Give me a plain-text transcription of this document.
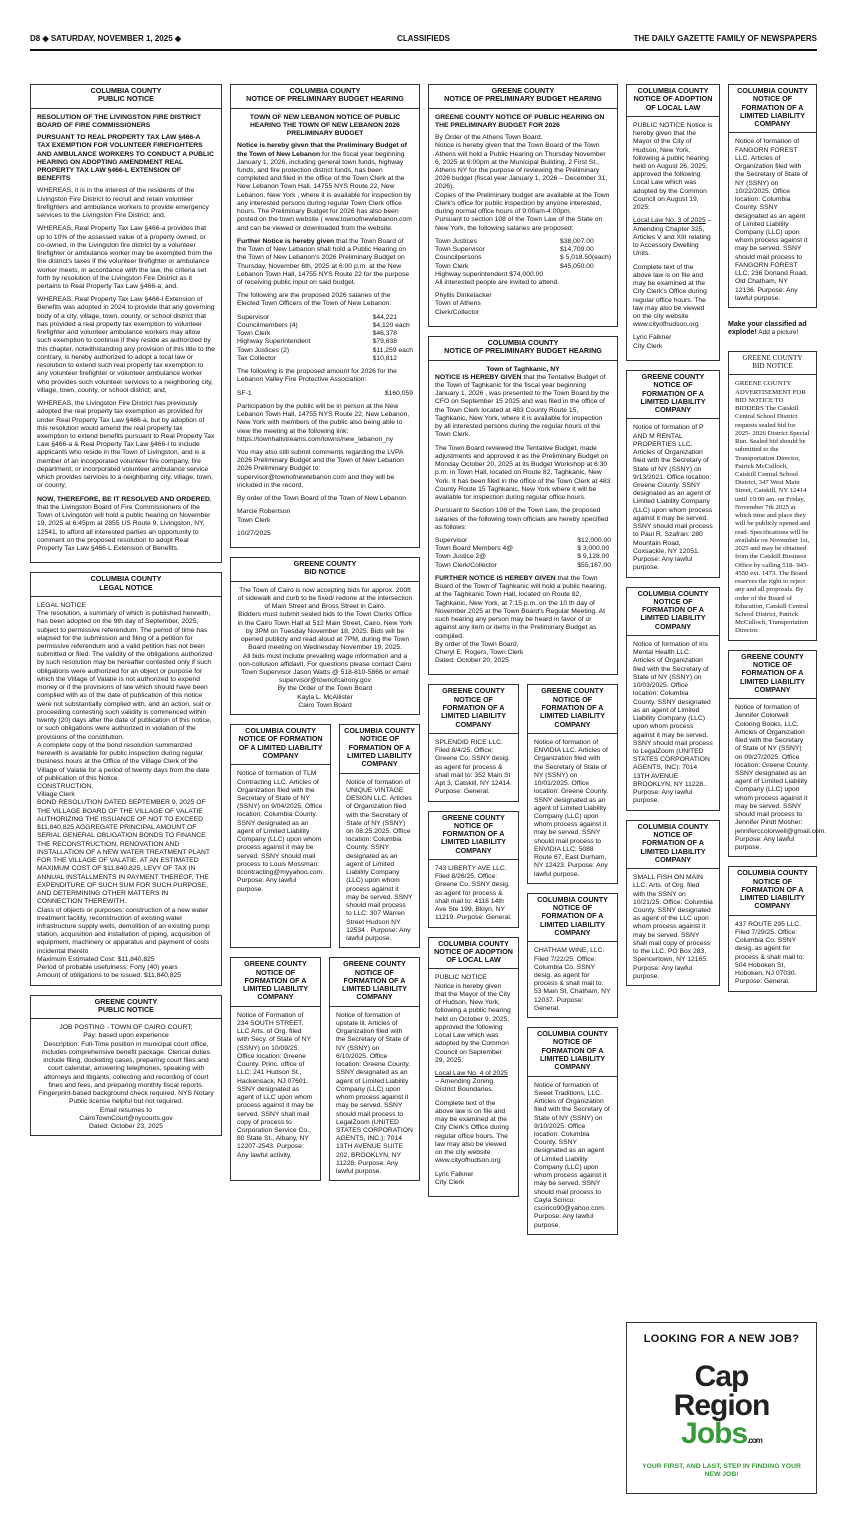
D8 ◆ SATURDAY, NOVEMBER 1, 2025 ◆	CLASSIFIEDS	THE DAILY GAZETTE FAMILY OF NEWSPAPERS
COLUMBIA COUNTY
PUBLIC NOTICE
RESOLUTION OF THE LIVINGSTON FIRE DISTRICT BOARD OF FIRE COMMISSIONERS
PURSUANT TO REAL PROPERTY TAX LAW §466-A TAX EXEMPTION FOR VOLUNTEER FIREFIGHTERS AND AMBULANCE WORKERS TO CONDUCT A PUBLIC HEARING ON ADOPTING AMENDMENT REAL PROPERTY TAX LAW §466-L EXTENSION OF BENEFITS

WHEREAS, it is in the interest of the residents of the Livingston Fire District to recruit and retain volunteer firefighters and ambulance workers to provide emergency services to the Livingston Fire District; and,

WHEREAS, Real Property Tax Law §466-a provides that up to 10% of the assessed value of a property owned, or co-owned, in the Livingston fire district by a volunteer firefighter or ambulance worker may be exempted from the fire district's taxes if the volunteer firefighter or ambulance worker meets, in accordance with the law, the criteria set forth by resolution of the Livingston Fire District as it pertains to Real Property Tax Law §466-a; and.

WHEREAS, Real Property Tax Law §466-l Extension of Benefits was adopted in 2024 to provide that any governing body of a city, village, town, county, or school district that has provided a real property tax exemption to volunteer firefighter and volunteer ambulance workers may allow such exemption to continue if they reside as authorized by this chapter, notwithstanding any provision of this title to the contrary, is hereby authorized to adopt a local law or resolution to extend such real property tax exemption to any volunteer firefighter or volunteer ambulance worker who provides such volunteer services to a neighboring city, village, town, county, or school district; and,

WHEREAS, the Livingston Fire District has previously adopted the real property tax exemption as provided for under Real Property Tax Law §466-a, but by adoption of this resolution would amend the real property tax exemption to extend benefits pursuant to Real Property Tax Law §466-a & Real Property Tax Law §466-l to include applicants who reside in the Town of Livingston, and is a member of an incorporated volunteer fire company, fire department, or incorporated volunteer ambulance service which provides services to a neighboring city, village, town, or county;

NOW, THEREFORE, BE IT RESOLVED AND ORDERED, that the Livingston Board of Fire Commissioners of the Town of Livingston will hold a public hearing on November 19, 2025 at 6:45pm at 2855 US Route 9, Livingston, NY, 12541, to afford all interested parties an opportunity to comment on the proposed resolution to adopt Real Property Tax Law §466-L Extension of Benefits.

COLUMBIA COUNTY
LEGAL NOTICE
LEGAL NOTICE
The resolution, a summary of which is published herewith, has been adopted on the 9th day of September, 2025, subject to permissive referendum. The period of time has elapsed for the submission and filing of a petition for permissive referendum and a valid petition has not been submitted or filed. The validity of the obligations authorized by such resolution may be hereafter contested only if such obligations were authorized for an object or purpose for which the Village of Valatie is not authorized to expend money or if the provisions of law which should have been complied with as of the date of publication of this notice were not substantially complied with, and an action, suit or proceeding contesting such validity is commenced within twenty (20) days after the date of publication of this notice, or such obligations were authorized in violation of the provisions of the constitution.
A complete copy of the bond resolution summarized herewith is available for public inspection during regular business hours at the Office of the Village Clerk of the Village of Valatie for a period of twenty days from the date of publication of this Notice.
CONSTRUCTION,
Village Clerk
BOND RESOLUTION DATED SEPTEMBER 9, 2025 OF THE VILLAGE BOARD OF THE VILLAGE OF VALATIE AUTHORIZING THE ISSUANCE OF NOT TO EXCEED $11,840,825 AGGREGATE PRINCIPAL AMOUNT OF SERIAL GENERAL OBLIGATION BONDS TO FINANCE THE RECONSTRUCTION, RENOVATION AND INSTALLATION OF A NEW WATER TREATMENT PLANT FOR THE VILLAGE OF VALATIE, AT AN ESTIMATED MAXIMUM COST OF $11,840,825, LEVY OF TAX IN ANNUAL INSTALLMENTS IN PAYMENT THEREOF, THE EXPENDITURE OF SUCH SUM FOR SUCH PURPOSE, AND DETERMINING OTHER MATTERS IN CONNECTION THEREWITH.
Class of objects or purposes: construction of a new water treatment facility, reconstruction of existing water infrastructure supply wells, demolition of an existing pump station, acquisition and installation of piping, acquisition of equipment, machinery or apparatus and payment of costs incidental thereto
Maximum Estimated Cost: $11,840,825
Period of probable usefulness: Forty (40) years
Amount of obligations to be issued: $11,840,825
GREENE COUNTY
PUBLIC NOTICE
JOB POSTING - TOWN OF CAIRO COURT;
Pay: based upon experience
Description: Full-Time position in municipal court office, includes comprehensive benefit package. Clerical duties include filing, docketing cases, preparing court files and court calendar, answering telephones, speaking with attorneys and litigants, collecting and recording of court fines and fees, and preparing monthly fiscal reports. Fingerprint-based background check required. NYS Notary Public license helpful but not required.
Email resumes to
CairoTownCourt@nycourts.gov
Dated: October 23, 2025
COLUMBIA COUNTY
NOTICE OF PRELIMINARY BUDGET HEARING
TOWN OF NEW LEBANON NOTICE OF PUBLIC HEARING THE TOWN OF NEW LEBANON 2026 PRELIMINARY BUDGET

Notice is hereby given that the Preliminary Budget of the Town of New Lebanon for the fiscal year beginning January 1, 2026, including general town funds, highway funds, and fire protection district funds, has been completed and filed in the office of the Town Clerk at the New Lebanon Town Hall, 14755 NYS Route 22, New Lebanon, New York , where it is available for inspection by any interested persons during regular Town Clerk office hours. The Preliminary Budget for 2026 has also been posted on the town website ( www.townofnewlebanon.com and can be viewed or downloaded from the website.

Further Notice is hereby given that the Town Board of the Town of New Lebanon shall hold a Public Hearing on the Town of New Lebanon's 2026 Preliminary Budget on Thursday, November 6th, 2025 at 6:00 p.m. at the New Lebanon Town Hall, 14755 NYS Route 22 for the purpose of receiving public input on said budget.

The following are the proposed 2026 salaries of the Elected Town Officers of the Town of New Lebanon:

Supervisor	$44,221
Councilmembers (4)	$4,120 each
Town Clerk	$46,378
Highway Superintendent	$79,638
Town Justices (2)	$11,259 each
Tax Collector	$10,812

The following is the proposed amount for 2026 for the Lebanon Valley Fire Protective Association:

SF-1	$160,059

Participation by the public will be in person at the New Lebanon Town Hall, 14755 NYS Route 22, New Lebanon, New York with members of the public also being able to view the meeting at the following link: https://townhallstreams.com/towns/new_lebanon_ny

You may also still submit comments regarding the LVPA 2026 Preliminary Budget and the Town of New Lebanon 2026 Preliminary Budget to: supervisor@townofnewlebanon.com and they will be included in the record.

By order of the Town Board of the Town of New Lebanon

Marcie Robertson
Town Clerk

10/27/2025

GREENE COUNTY
BID NOTICE
The Town of Cairo is now accepting bids for approx. 200ft of sidewalk and curb to be fixed/ redone at the intersection of Main Street and Bross Street in Cairo.
Bidders must submit sealed bids to the Town Clerks Office in the Cairo Town Hall at 512 Main Street, Cairo, New York by 3PM on Tuesday November 18, 2025. Bids will be opened publicly and read aloud at 7PM, during the Town Board meeting on Wednesday November 19, 2025.
All bids must include prevailing wage information and a non-collusion affidavit. For questions please contact Cairo Town Supervisor Jason Watts @ 518-810-5866 or email supervisor@townofcairony.gov
By the Order of the Town Board
Kayla L. McAllister
Cairo Town Board
COLUMBIA COUNTY
NOTICE OF FORMATION OF A LIMITED LIABILITY COMPANY
Notice of formation of TLM Contracting LLC. Articles of Organization filed with the Secretary of State of NY (SSNY) on 9/04/2025. Office location: Columbia County. SSNY designated as an agent of Limited Liability Company (LLC) upon whom process against it may be served. SSNY should mail process to Louis Mossman: tlcontracting@myyahoo.com. Purpose: Any lawful purpose.
COLUMBIA COUNTY
NOTICE OF FORMATION OF A LIMITED LIABILITY COMPANY
Notice of formation of UNIQUE VINTAGE DESIGN LLC. Articles of Organization filed with the Secretary of State of NY (SSNY) on 08.25.2025. Office location: Columbia County. SSNY designated as an agent of Limited Liability Company (LLC) upon whom process against it may be served. SSNY should mail process to LLC: 307 Warren Street Hudson NY 12534 . Purpose: Any lawful purpose.
GREENE COUNTY
NOTICE OF FORMATION OF A LIMITED LIABILITY COMPANY
Notice of Formation of 234 SOUTH STREET, LLC Arts. of Org. filed with Secy. of State of NY (SSNY) on 10/09/25. Office location: Greene County. Princ. office of LLC: 241 Hudson St., Hackensack, NJ 07601. SSNY designated as agent of LLC upon whom process against it may be served. SSNY shall mail copy of process to Corporation Service Co., 80 State St., Albany, NY 12207-2543. Purpose: Any lawful activity.
GREENE COUNTY
NOTICE OF FORMATION OF A LIMITED LIABILITY COMPANY
Notice of formation of upstate lil. Articles of Organization filed with the Secretary of State of NY (SSNY) on 6/10/2025. Office location: Greene County. SSNY designated as an agent of Limited Liability Company (LLC) upon whom process against it may be served. SSNY should mail process to LegalZoom (UNITED STATES CORPORATION AGENTS, INC.): 7014 13TH AVENUE SUITE 202, BROOKLYN, NY 11228. Purpose: Any lawful purpose.
GREENE COUNTY
NOTICE OF PRELIMINARY BUDGET HEARING
GREENE COUNTY NOTICE OF PUBLIC HEARING ON THE PRELIMINARY BUDGET FOR 2026

By Order of the Athens Town Board.
Notice is hereby given that the Town Board of the Town Athens will hold a Public Hearing on Thursday November 6, 2025 at 6:00pm at the Municipal Building, 2 First St., Athens NY for the purpose of reviewing the Preliminary 2026 budget (fiscal year January 1, 2026 – December 31, 2026).
Copies of the Preliminary budget are available at the Town Clerk's office for public inspection by anyone interested, during normal office hours of 9:00am-4:00pm.
Pursuant to section 108 of the Town Law of the State on New York, the following salaries are proposed:

Town Justices	$38,007.00
Town Supervisor	$14,709.00
Councilpersons	$ 5,018.50(each)
Town Clerk	$45,050.00

Highway superintendent $74,000.00
All interested people are invited to attend.

Phyllis Dinkelacker
Town of Athens
Clerk/Collector

COLUMBIA COUNTY
NOTICE OF PRELIMINARY BUDGET HEARING
Town of Taghkanic, NY

NOTICE IS HEREBY GIVEN that the Tentative Budget of the Town of Taghkanic for the fiscal year beginning January 1, 2026 , was presented to the Town Board by the CFO on September 15 2025 and was filed in the office of the Town Clerk located at 483 County Route 15, Taghkanic, New York, where it is available for inspection by all interested persons during the regular hours of the Town Clerk.

The Town Board reviewed the Tentative Budget, made adjustments and approved it as the Preliminary Budget on Monday October 20, 2025 at its Budget Workshop at 6:30 p.m. in Town Hall, located on Route 82, Taghkanic, New York. It has been filed in the office of the Town Clerk at 483 County Route 15 Taghkanic, New York where it will be available for inspection during regular office hours.

Pursuant to Section 108 of the Town Law, the proposed salaries of the following town officials are hereby specified as follows:

Supervisor	$12,000.00
Town Board Members 4@	$ 3,000.00
Town Justice 2@	$ 9,128.00
Town Clerk/Collector	$55,167.00

FURTHER NOTICE IS HEREBY GIVEN that the Town Board of the Town of Taghkanic will hold a public hearing, at the Taghkanic Town Hall, located on Route 82, Taghkanic, New York, at 7:15 p.m. on the 10 th day of November 2025 at the Town Board's Regular Meeting. At such hearing any person may be heard in favor of or against any item or items in the Preliminary Budget as compiled.
By order of the Town Board,
Cheryl E. Rogers, Town Clerk
Dated: October 20, 2025

GREENE COUNTY
NOTICE OF FORMATION OF A LIMITED LIABILITY COMPANY
SPLENDID RICE LLC. Filed 8/4/25. Office: Greene Co. SSNY desig. as agent for process & shall mail to: 352 Main St Apt 3, Catskill, NY 12414. Purpose: General.
GREENE COUNTY
NOTICE OF FORMATION OF A LIMITED LIABILITY COMPANY
743 LIBERTY AVE LLC. Filed 8/26/25. Office: Greene Co. SSNY desig. as agent for process & shall mail to: 4118 14th Ave Ste 199, Bklyn, NY 11219. Purpose: General.
COLUMBIA COUNTY
NOTICE OF ADOPTION OF LOCAL LAW

PUBLIC NOTICE
Notice is hereby given that the Mayor of the City of Hudson, New York, following a public hearing held on October 9, 2025, approved the following Local Law which was adopted by the Common Council on September 29, 2025:

Local Law No. 4 of 2025 – Amending Zoning District Boundaries.

Complete text of the above law is on file and may be examined at the City Clerk's Office during regular office hours. The law may also be viewed on the city website www.cityofhudson.org

Lyric Falkner
City Clerk

GREENE COUNTY
NOTICE OF FORMATION OF A LIMITED LIABILITY COMPANY
Notice of formation of ENVIDIA LLC. Articles of Organization filed with the Secretary of State of NY (SSNY) on 10/01/2025. Office location: Greene County. SSNY designated as an agent of Limited Liability Company (LLC) upon whom process against it may be served. SSNY should mail process to ENVIDIA LLC: 5088 Route 67, East Durham, NY 12423. Purpose: Any lawful purpose.
COLUMBIA COUNTY
NOTICE OF FORMATION OF A LIMITED LIABILITY COMPANY
CHATHAM WINE, LLC. Filed 7/22/25. Office: Columbia Co. SSNY desig. as agent for process & shall mail to: 53 Main St, Chatham, NY 12037. Purpose: General.
COLUMBIA COUNTY
NOTICE OF FORMATION OF A LIMITED LIABILITY COMPANY
Notice of formation of Sweet Traditions, LLC. Articles of Organization filed with the Secretary of State of NY (SSNY) on 9/10/2025. Office location: Columbia County. SSNY designated as an agent of Limited Liability Company (LLC) upon whom process against it may be served. SSNY should mail process to Cayla Scirico: cscirico90@yahoo.com. Purpose: Any lawful purpose.
COLUMBIA COUNTY
NOTICE OF ADOPTION OF LOCAL LAW

PUBLIC NOTICE Notice is hereby given that the Mayor of the City of Hudson, New York, following a public hearing held on August 26, 2025, approved the following Local Law which was adopted by the Common Council on August 19, 2025:

Local Law No. 3 of 2025 – Amending Chapter 325, Articles V and XIII relating to Accessory Dwelling Units.

Complete text of the above law is on file and may be examined at the City Clerk's Office during regular office hours. The law may also be viewed on the city website www.cityofhudson.org

Lyric Falkner
City Clerk

GREENE COUNTY
NOTICE OF FORMATION OF A LIMITED LIABILITY COMPANY
Notice of formation of P AND M RENTAL PROPERTIES LLC. Articles of Organization filed with the Secretary of State of NY (SSNY) on 9/13/2021. Office location: Greene County. SSNY designated as an agent of Limited Liability Company (LLC) upon whom process against it may be served. SSNY should mail process to Paul R. Szafran: 280 Mountain Road, Coxsackie, NY 12051. Purpose: Any lawful purpose.
COLUMBIA COUNTY
NOTICE OF FORMATION OF A LIMITED LIABILITY COMPANY
Notice of formation of Iris Mental Health LLC. Articles of Organization filed with the Secretary of State of NY (SSNY) on 10/03/2025. Office location: Columbia County. SSNY designated as an agent of Limited Liability Company (LLC) upon whom process against it may be served. SSNY should mail process to LegalZoom (UNITED STATES CORPORATION AGENTS, INC): 7014 13TH AVENUE BROOKLYN, NY 11228.. Purpose: Any lawful purpose.
COLUMBIA COUNTY
NOTICE OF FORMATION OF A LIMITED LIABILITY COMPANY
SMALL FISH ON MAIN LLC. Arts. of Org. filed with the SSNY on 10/21/25. Office: Columbia County. SSNY designated as agent of the LLC upon whom process against it may be served. SSNY shall mail copy of process to the LLC, PO Box 283, Spencertown, NY 12165. Purpose: Any lawful purpose.
COLUMBIA COUNTY
NOTICE OF FORMATION OF A LIMITED LIABILITY COMPANY
Notice of formation of FANGORN FOREST LLC. Articles of Organization filed with the Secretary of State of NY (SSNY) on 10/22/2025. Office location: Columbia County. SSNY designated as an agent of Limited Liability Company (LLC) upon whom process against it may be served. SSNY should mail process to FANGORN FOREST LLC: 236 Dorland Road, Old Chatham, NY 12136. Purpose: Any lawful purpose.
Make your classified ad explode! Add a picture!
GREENE COUNTY
BID NOTICE
GREENE COUNTY ADVERTISEMENT FOR BID NOTICE TO BIDDERS The Catskill Central School District requests sealed bid for 2025- 2026 District Special Run. Sealed bid should be submitted to the Transportation Director, Patrick McCulloch, Catskill Central School District, 347 West Main Street, Catskill, NY 12414 until 10:00 am. on Friday, November 7th 2025 at which time and place they will be publicly opened and read. Specifications will be available on November 1st, 2025 and may be obtained from the Catskill Business Office by calling 518- 943- 4550 ext. 1473. The Board reserves the right to reject any and all proposals. By order of the Board of Education, Catskill Central School District, Patrick McCulloch, Transportation Director.
GREENE COUNTY
NOTICE OF FORMATION OF A LIMITED LIABILITY COMPANY
Notice of formation of Jennifer Colorwell Coloring Books, LLC. Articles of Organization filed with the Secretary of State of NY (SSNY) on 09/27/2025. Office location: Greene County. SSNY designated as an agent of Limited Liability Company (LLC) upon whom process against it may be served. SSNY should mail process to Jennifer Pindt Mosher: jenniferccolorwell@gmail.com. Purpose: Any lawful purpose.
COLUMBIA COUNTY
NOTICE OF FORMATION OF A LIMITED LIABILITY COMPANY
437 ROUTE 295 LLC. Filed 7/29/25. Office: Columbia Co. SSNY desig. as agent for process & shall mail to: 504 Hoboken St, Hoboken, NJ 07030. Purpose: General.
LOOKING FOR A NEW JOB?
Cap
Region
Jobs.com
YOUR FIRST, AND LAST, STEP IN FINDING YOUR NEW JOB!
